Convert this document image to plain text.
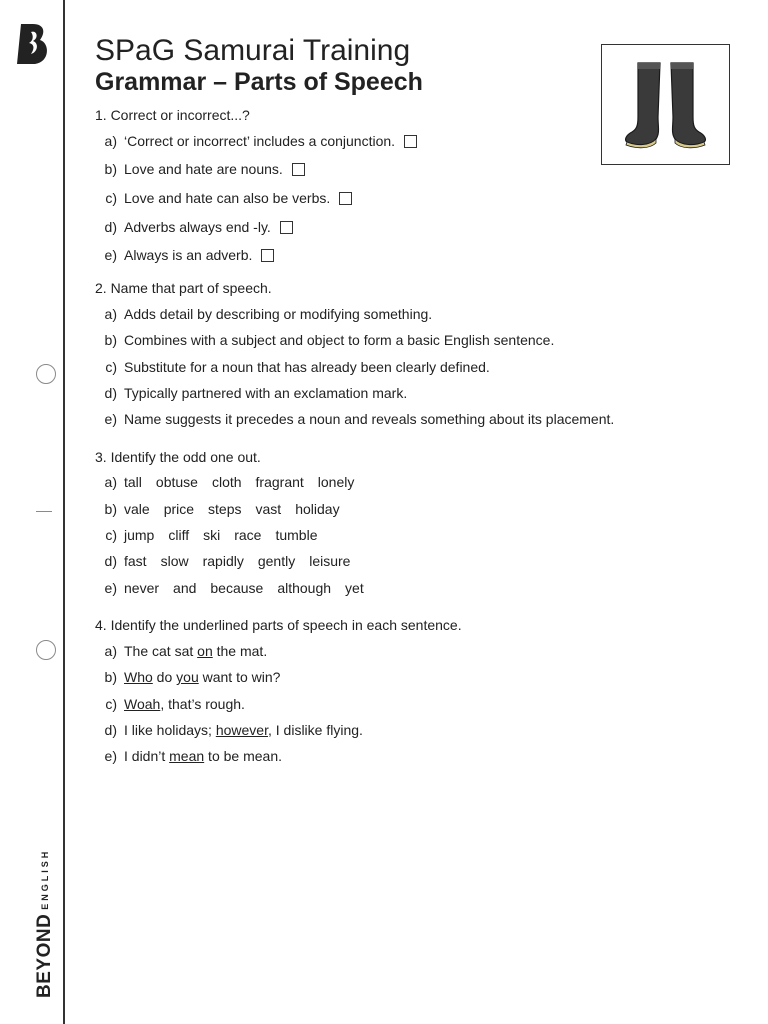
BEYONDENGLISH
SPaG Samurai Training
Grammar – Parts of Speech
1. Correct or incorrect...?
a) ‘Correct or incorrect’ includes a conjunction.
b) Love and hate are nouns.
c) Love and hate can also be verbs.
d) Adverbs always end -ly.
e) Always is an adverb.
2. Name that part of speech.
a) Adds detail by describing or modifying something.
b) Combines with a subject and object to form a basic English sentence.
c) Substitute for a noun that has already been clearly defined.
d) Typically partnered with an exclamation mark.
e) Name suggests it precedes a noun and reveals something about its placement.
3. Identify the odd one out.
a) tall obtuse cloth fragrant lonely
b) vale price steps vast holiday
c) jump cliff ski race tumble
d) fast slow rapidly gently leisure
e) never and because although yet
4. Identify the underlined parts of speech in each sentence.
a) The cat sat on the mat.
b) Who do you want to win?
c) Woah, that’s rough.
d) I like holidays; however, I dislike flying.
e) I didn’t mean to be mean.
